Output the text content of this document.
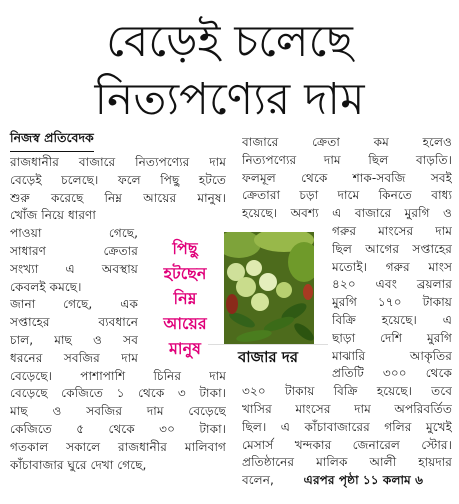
বেড়েই চলেছে
নিত্যপণ্যের দাম
নিজস্ব প্রতিবেদক
রাজধানীর বাজারে নিত্যপণ্যের দাম
বেড়েই চলেছে। ফলে পিছু হটতে
শুরু করেছে নিম্ন আয়ের মানুষ।
খোঁজ নিয়ে ধারণা
পাওয়া গেছে,
সাধারণ ক্রেতার
সংখ্যা এ অবস্থায়
কেবলই কমছে।
জানা গেছে, এক
সপ্তাহের ব্যবধানে
চাল, মাছ ও সব
ধরনের সবজির দাম
বেড়েছে। পাশাপাশি চিনির দাম
বেড়েছে কেজিতে ১ থেকে ৩ টাকা।
মাছ ও সবজির দাম বেড়েছে
কেজিতে ৫ থেকে ৩০ টাকা।
গতকাল সকালে রাজধানীর মালিবাগ
কাঁচাবাজার ঘুরে দেখা গেছে,
পিছু
হটছেন
নিম্ন
আয়ের
মানুষ	বাজার দর
বাজারে ক্রেতা কম হলেও
নিত্যপণ্যের দাম ছিল বাড়তি।
ফলমূল থেকে শাক-সবজি সবই
ক্রেতারা চড়া দামে কিনতে বাধ্য
হয়েছে। অবশ্য এ বাজারে মুরগি ও
গরুর মাংসের দাম
ছিল আগের সপ্তাহের
মতোই। গরুর মাংস
৪২০ এবং ব্রয়লার
মুরগি ১৭০ টাকায়
বিক্রি হয়েছে। এ
ছাড়া দেশি মুরগি
মাঝারি আকৃতির
প্রতিটি ৩০০ থেকে
৩২০ টাকায় বিক্রি হয়েছে। তবে
খাসির মাংসের দাম অপরিবর্তিত
ছিল। এ কাঁচাবাজারের গলির মুখেই
মেসার্স খন্দকার জেনারেল স্টোর।
প্রতিষ্ঠানের মালিক আলী হায়দার
বলেন, এরপর পৃষ্ঠা ১১ কলাম ৬
